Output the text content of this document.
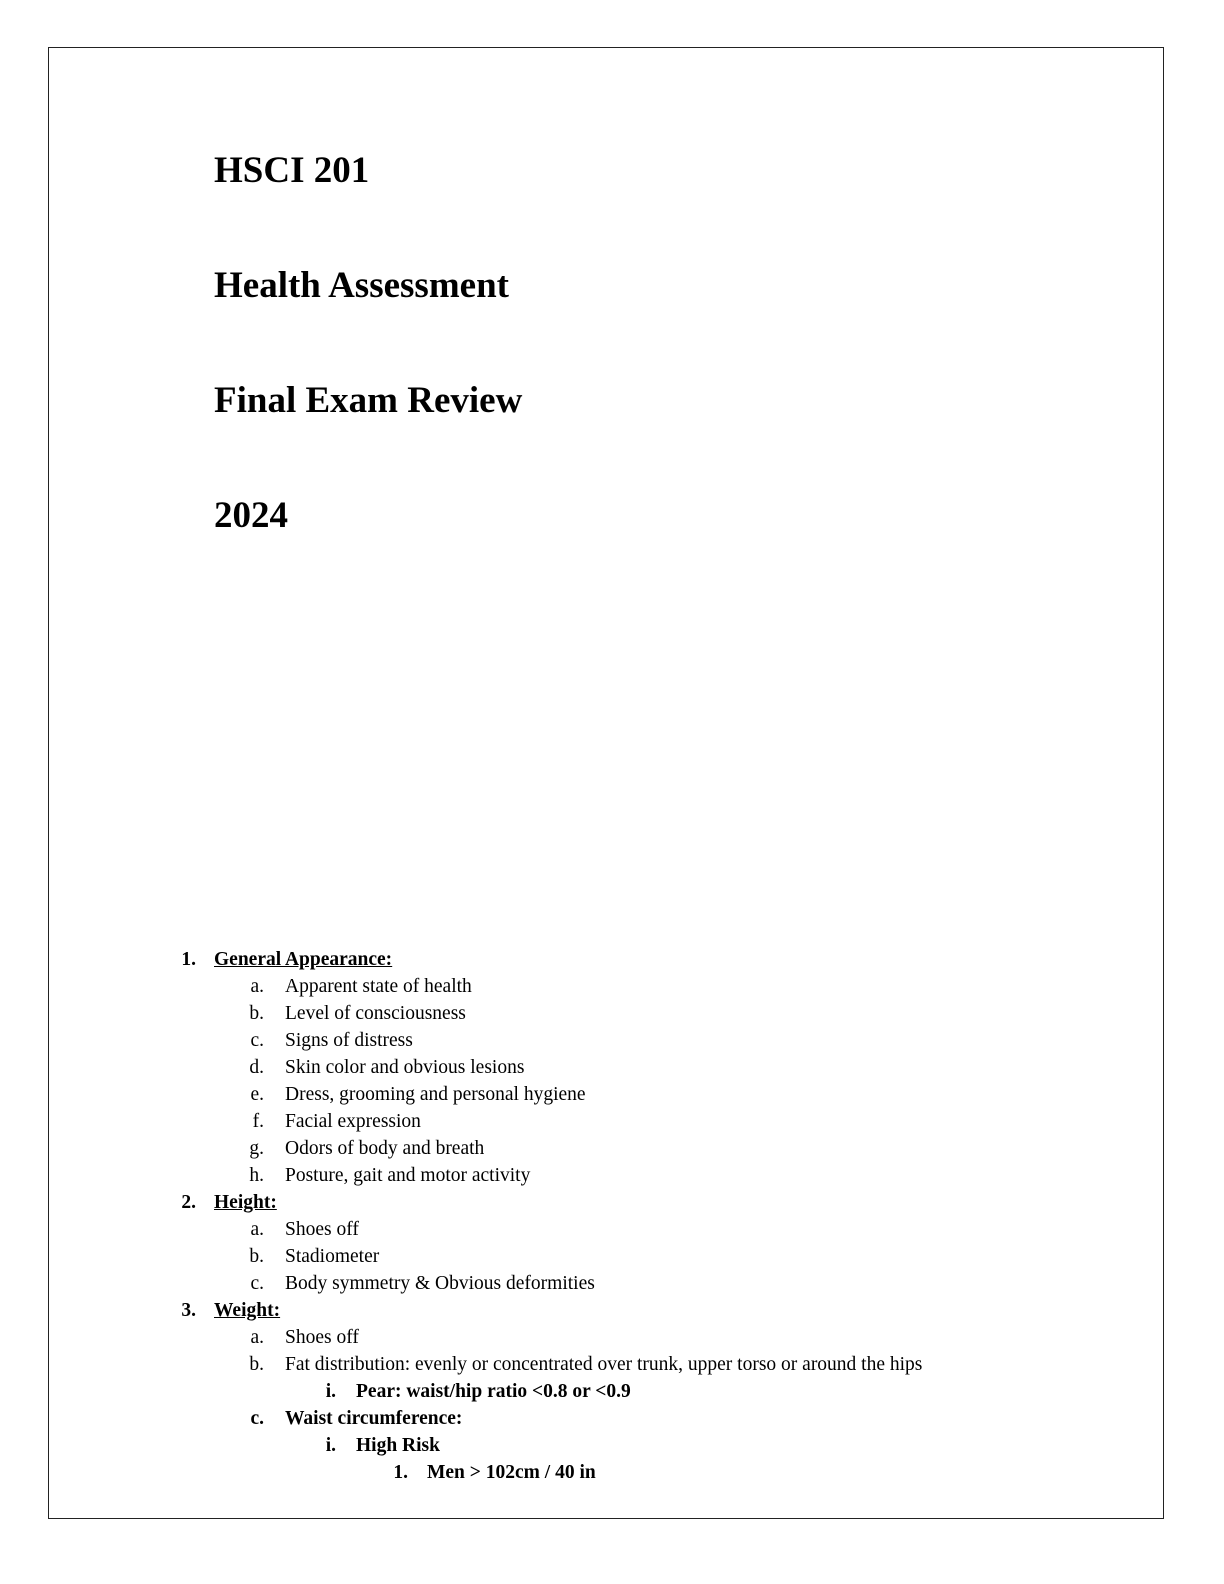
HSCI 201
Health Assessment
Final Exam Review
2024
1. General Appearance:
a. Apparent state of health
b. Level of consciousness
c. Signs of distress
d. Skin color and obvious lesions
e. Dress, grooming and personal hygiene
f. Facial expression
g. Odors of body and breath
h. Posture, gait and motor activity
2. Height:
a. Shoes off
b. Stadiometer
c. Body symmetry & Obvious deformities
3. Weight:
a. Shoes off
b. Fat distribution: evenly or concentrated over trunk, upper torso or around the hips
i. Pear: waist/hip ratio <0.8 or <0.9
c. Waist circumference:
i. High Risk
1. Men > 102cm / 40 in
